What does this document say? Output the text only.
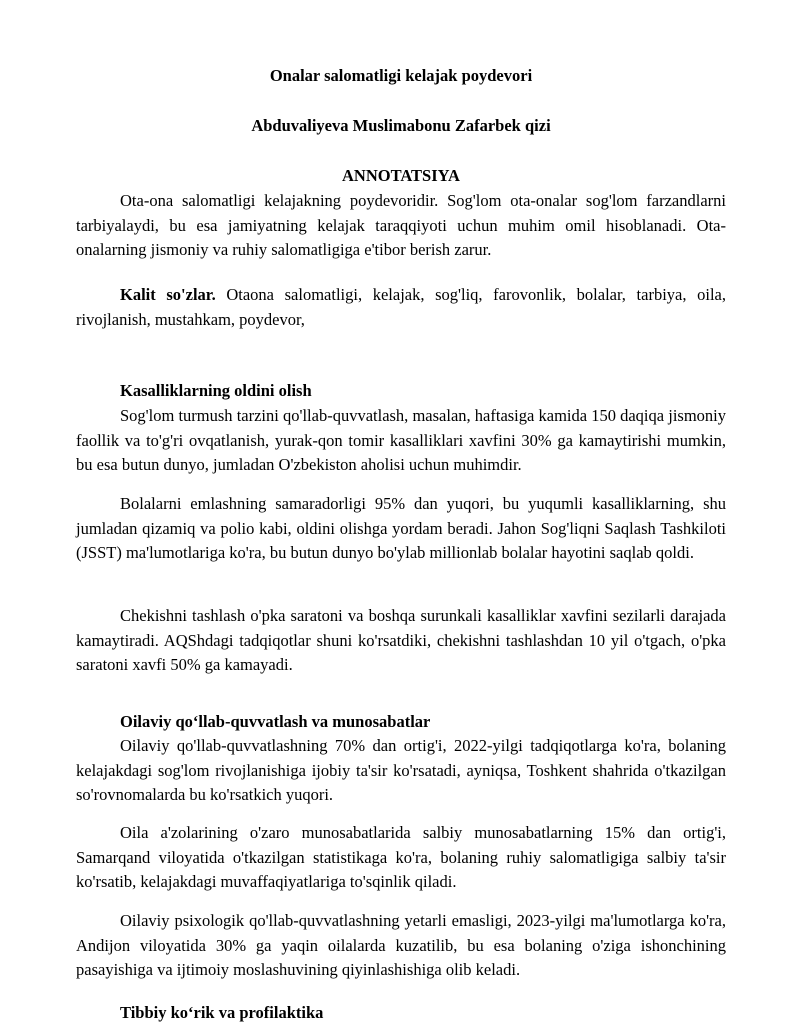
Onalar salomatligi kelajak poydevori
Abduvaliyeva Muslimabonu Zafarbek qizi
ANNOTATSIYA
Ota-ona salomatligi kelajakning poydevoridir. Sog'lom ota-onalar sog'lom farzandlarni tarbiyalaydi, bu esa jamiyatning kelajak taraqqiyoti uchun muhim omil hisoblanadi. Ota-onalarning jismoniy va ruhiy salomatligiga e'tibor berish zarur.
Kalit so'zlar. Otaona salomatligi, kelajak, sog'liq, farovonlik, bolalar, tarbiya, oila, rivojlanish, mustahkam, poydevor,
Kasalliklarning oldini olish
Sog'lom turmush tarzini qo'llab-quvvatlash, masalan, haftasiga kamida 150 daqiqa jismoniy faollik va to'g'ri ovqatlanish, yurak-qon tomir kasalliklari xavfini 30% ga kamaytirishi mumkin, bu esa butun dunyo, jumladan O'zbekiston aholisi uchun muhimdir.
Bolalarni emlashning samaradorligi 95% dan yuqori, bu yuqumli kasalliklarning, shu jumladan qizamiq va polio kabi, oldini olishga yordam beradi. Jahon Sog'liqni Saqlash Tashkiloti (JSST) ma'lumotlariga ko'ra, bu butun dunyo bo'ylab millionlab bolalar hayotini saqlab qoldi.
Chekishni tashlash o'pka saratoni va boshqa surunkali kasalliklar xavfini sezilarli darajada kamaytiradi. AQShdagi tadqiqotlar shuni ko'rsatdiki, chekishni tashlashdan 10 yil o'tgach, o'pka saratoni xavfi 50% ga kamayadi.
Oilaviy qo‘llab-quvvatlash va munosabatlar
Oilaviy qo'llab-quvvatlashning 70% dan ortig'i, 2022-yilgi tadqiqotlarga ko'ra, bolaning kelajakdagi sog'lom rivojlanishiga ijobiy ta'sir ko'rsatadi, ayniqsa, Toshkent shahrida o'tkazilgan so'rovnomalarda bu ko'rsatkich yuqori.
Oila a'zolarining o'zaro munosabatlarida salbiy munosabatlarning 15% dan ortig'i, Samarqand viloyatida o'tkazilgan statistikaga ko'ra, bolaning ruhiy salomatligiga salbiy ta'sir ko'rsatib, kelajakdagi muvaffaqiyatlariga to'sqinlik qiladi.
Oilaviy psixologik qo'llab-quvvatlashning yetarli emasligi, 2023-yilgi ma'lumotlarga ko'ra, Andijon viloyatida 30% ga yaqin oilalarda kuzatilib, bu esa bolaning o'ziga ishonchining pasayishiga va ijtimoiy moslashuvining qiyinlashishiga olib keladi.
Tibbiy ko‘rik va profilaktika
